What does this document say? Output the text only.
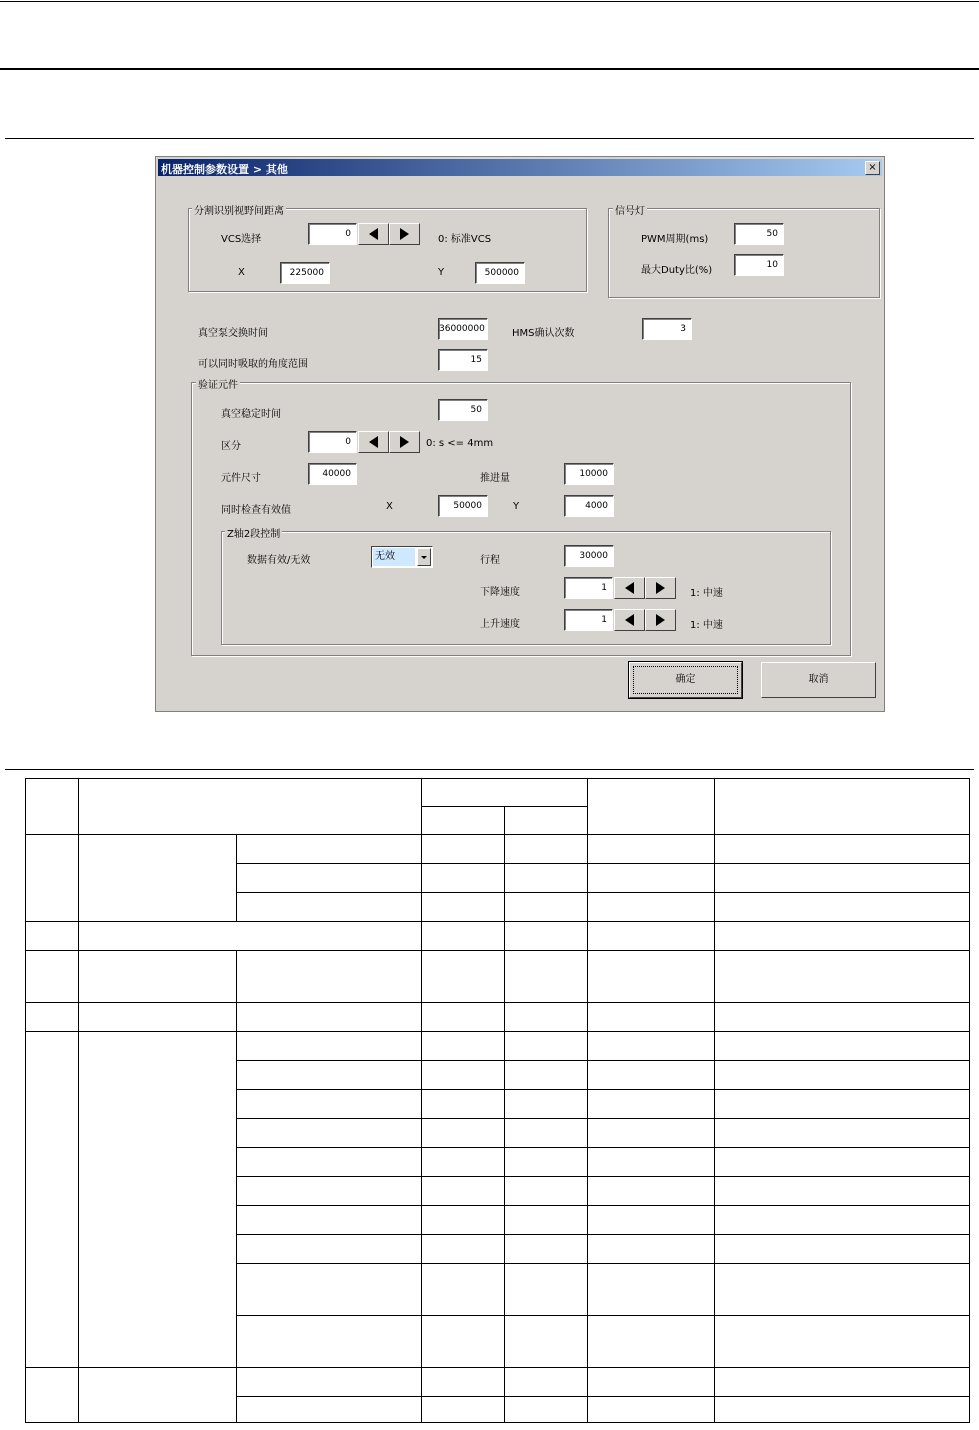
机器控制参数设置 > 其他	×
分割识别视野间距离
VCS选择	0	0: 标准VCS
X	225000	Y	500000
信号灯
PWM周期(ms)	50
最大Duty比(%)	10
真空泵交换时间	36000000	HMS确认次数	3
可以同时吸取的角度范围	15
验证元件
真空稳定时间	50
区分	0	0: s <= 4mm
元件尺寸	40000	推进量	10000
同时检查有效值	X	50000	Y	4000
Z轴2段控制
数据有效/无效	无效	行程	30000
下降速度	1	1: 中速
上升速度	1	1: 中速
确定	取消
